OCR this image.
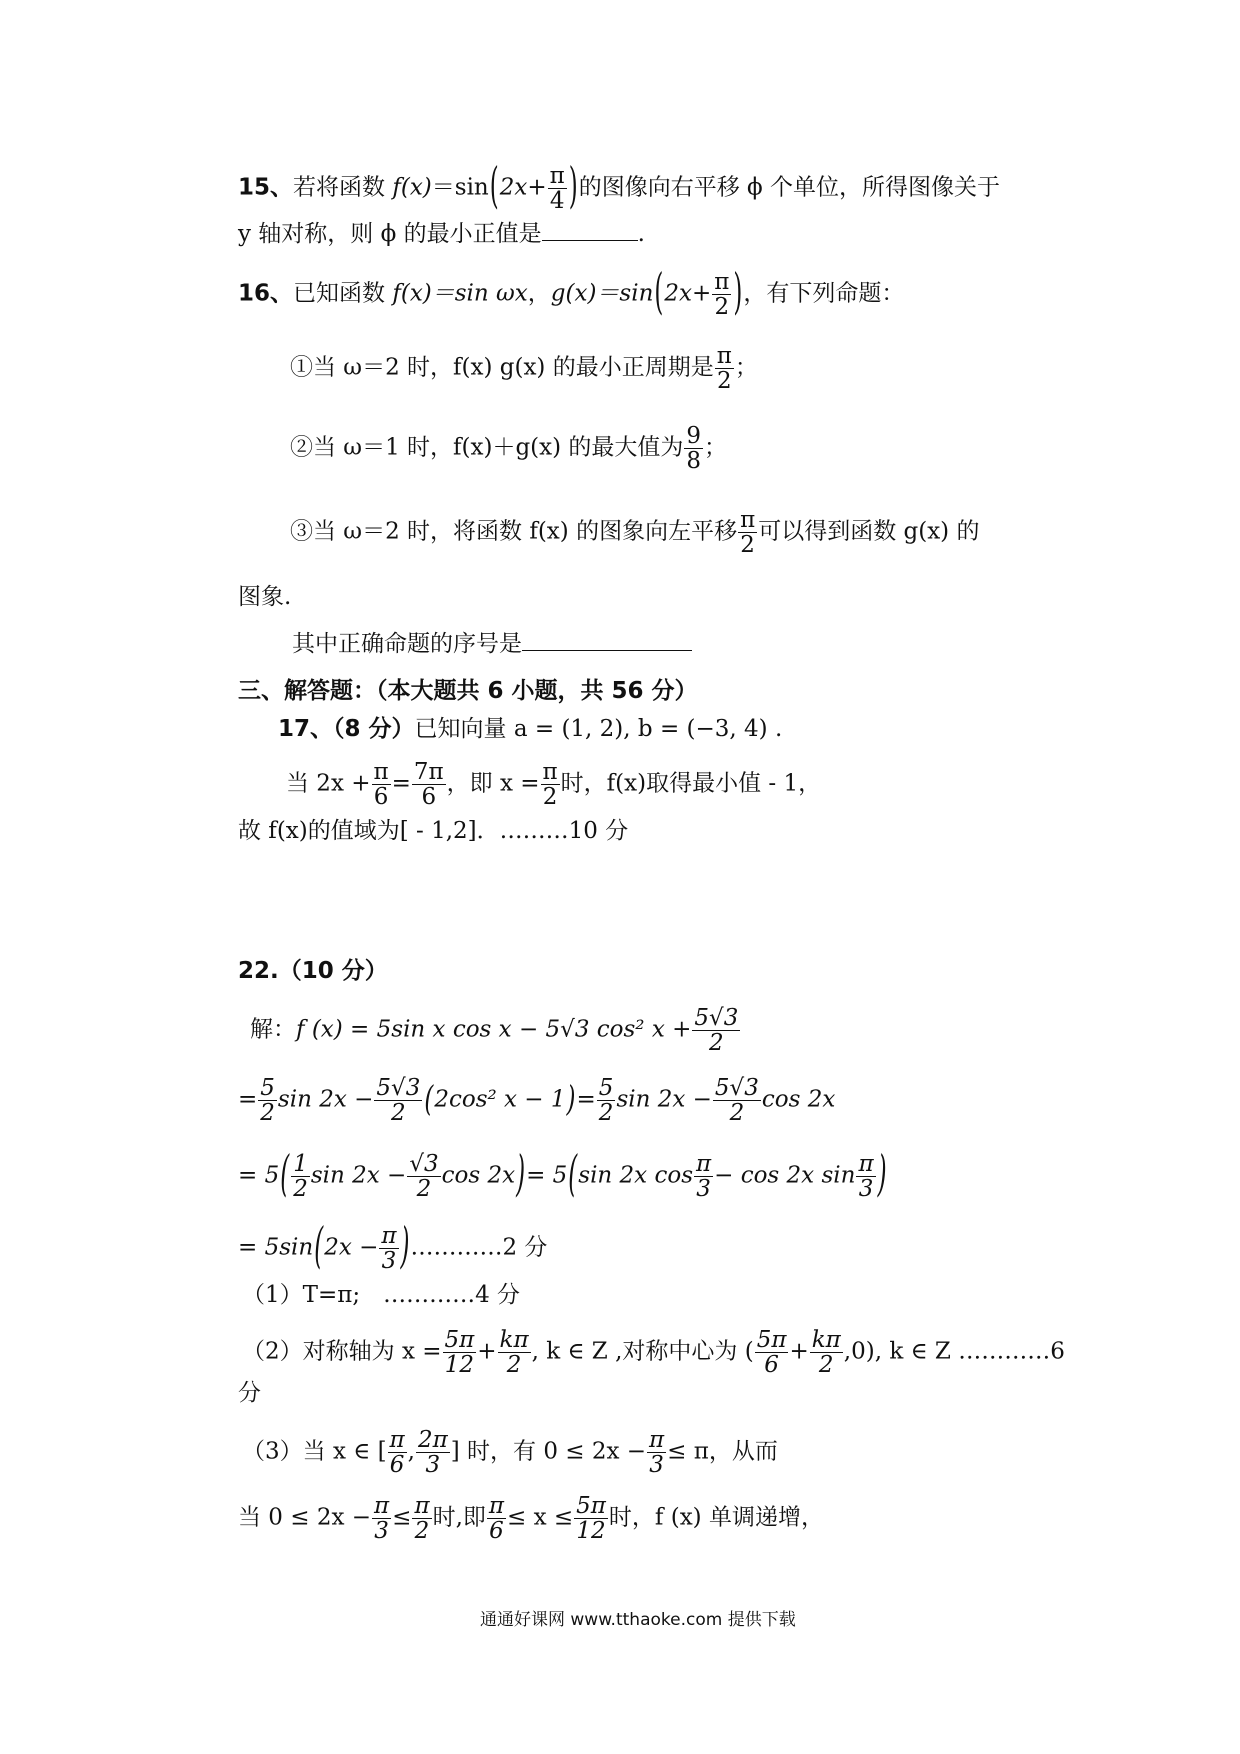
15、若将函数 $f(x)=\sin(2x+ \frac{\pi}{4}$ )的图像向右平移 ϕ 个单位，所得图像关于
y 轴对称，则 ϕ 的最小正值是	.
16、已知函数 f(x)＝sin ωx，$g(x)=\sin(2x+ \frac{\pi}{2}$ )，有下列命题：
①当 ω＝2 时，f(x) g(x) 的最小正周期是 $\frac{\pi}{2}$ ；
②当 ω＝1 时，f(x)＋g(x) 的最大值为 $\frac{9}{8}$ ；
③当 ω＝2 时，将函数 f(x) 的图象向左平移 $\frac{\pi}{2}$ 可以得到函数 g(x) 的
图象.
其中正确命题的序号是
三、解答题：（本大题共 6 小题，共 56 分）
17、（8 分）已知向量 a = (1, 2), b = (−3, 4) .
当 $2x + \frac{\pi}{6} = \frac{7\pi}{6}$ ，即 $x = \frac{\pi}{2}$ 时，f(x)取得最小值 - 1，
故 f(x)的值域为[ - 1,2]．………10 分
22.（10 分）
解：f (x) = 5sin x cos x − 5√3 cos² $x + \frac{5√3}{2}$
= $\frac{5}{2}$ $\sin 2x - \frac{5√3}{2} (2\cos^2$ $x - 1)= \frac{5}{2}$ $\sin 2x - \frac{5√3}{2}$ cos 2x
= $5( \frac{1}{2}$ $\sin 2x - \frac{√3}{2}$ cos 2x)= 5(sin 2x $\cos \frac{\pi}{3} - \cos 2x$ $\sin \frac{\pi}{3}$ )
= $5\sin(2x - \frac{\pi}{3}$ )…………2 分
（1）T=π;　…………4 分
（2）对称轴为 $x = \frac{5\pi}{12} + \frac{k\pi}{2}$ , k ∈ Z ,对称中心为 ( $\frac{5\pi}{6} + \frac{k\pi}{2} ,0$), k ∈ Z …………6
分
（3）当 x ∈ [ $\frac{\pi}{6}$ , $\frac{2\pi}{3}$ ] 时，有 $0 \le 2x - \frac{\pi}{3} \le \pi$，从而
当 $0 \le 2x - \frac{\pi}{3} \le \frac{\pi}{2}$ 时,即 $\frac{\pi}{6} \le x \le \frac{5\pi}{12}$ 时，f (x) 单调递增，
通通好课网 www.tthaoke.com 提供下载
